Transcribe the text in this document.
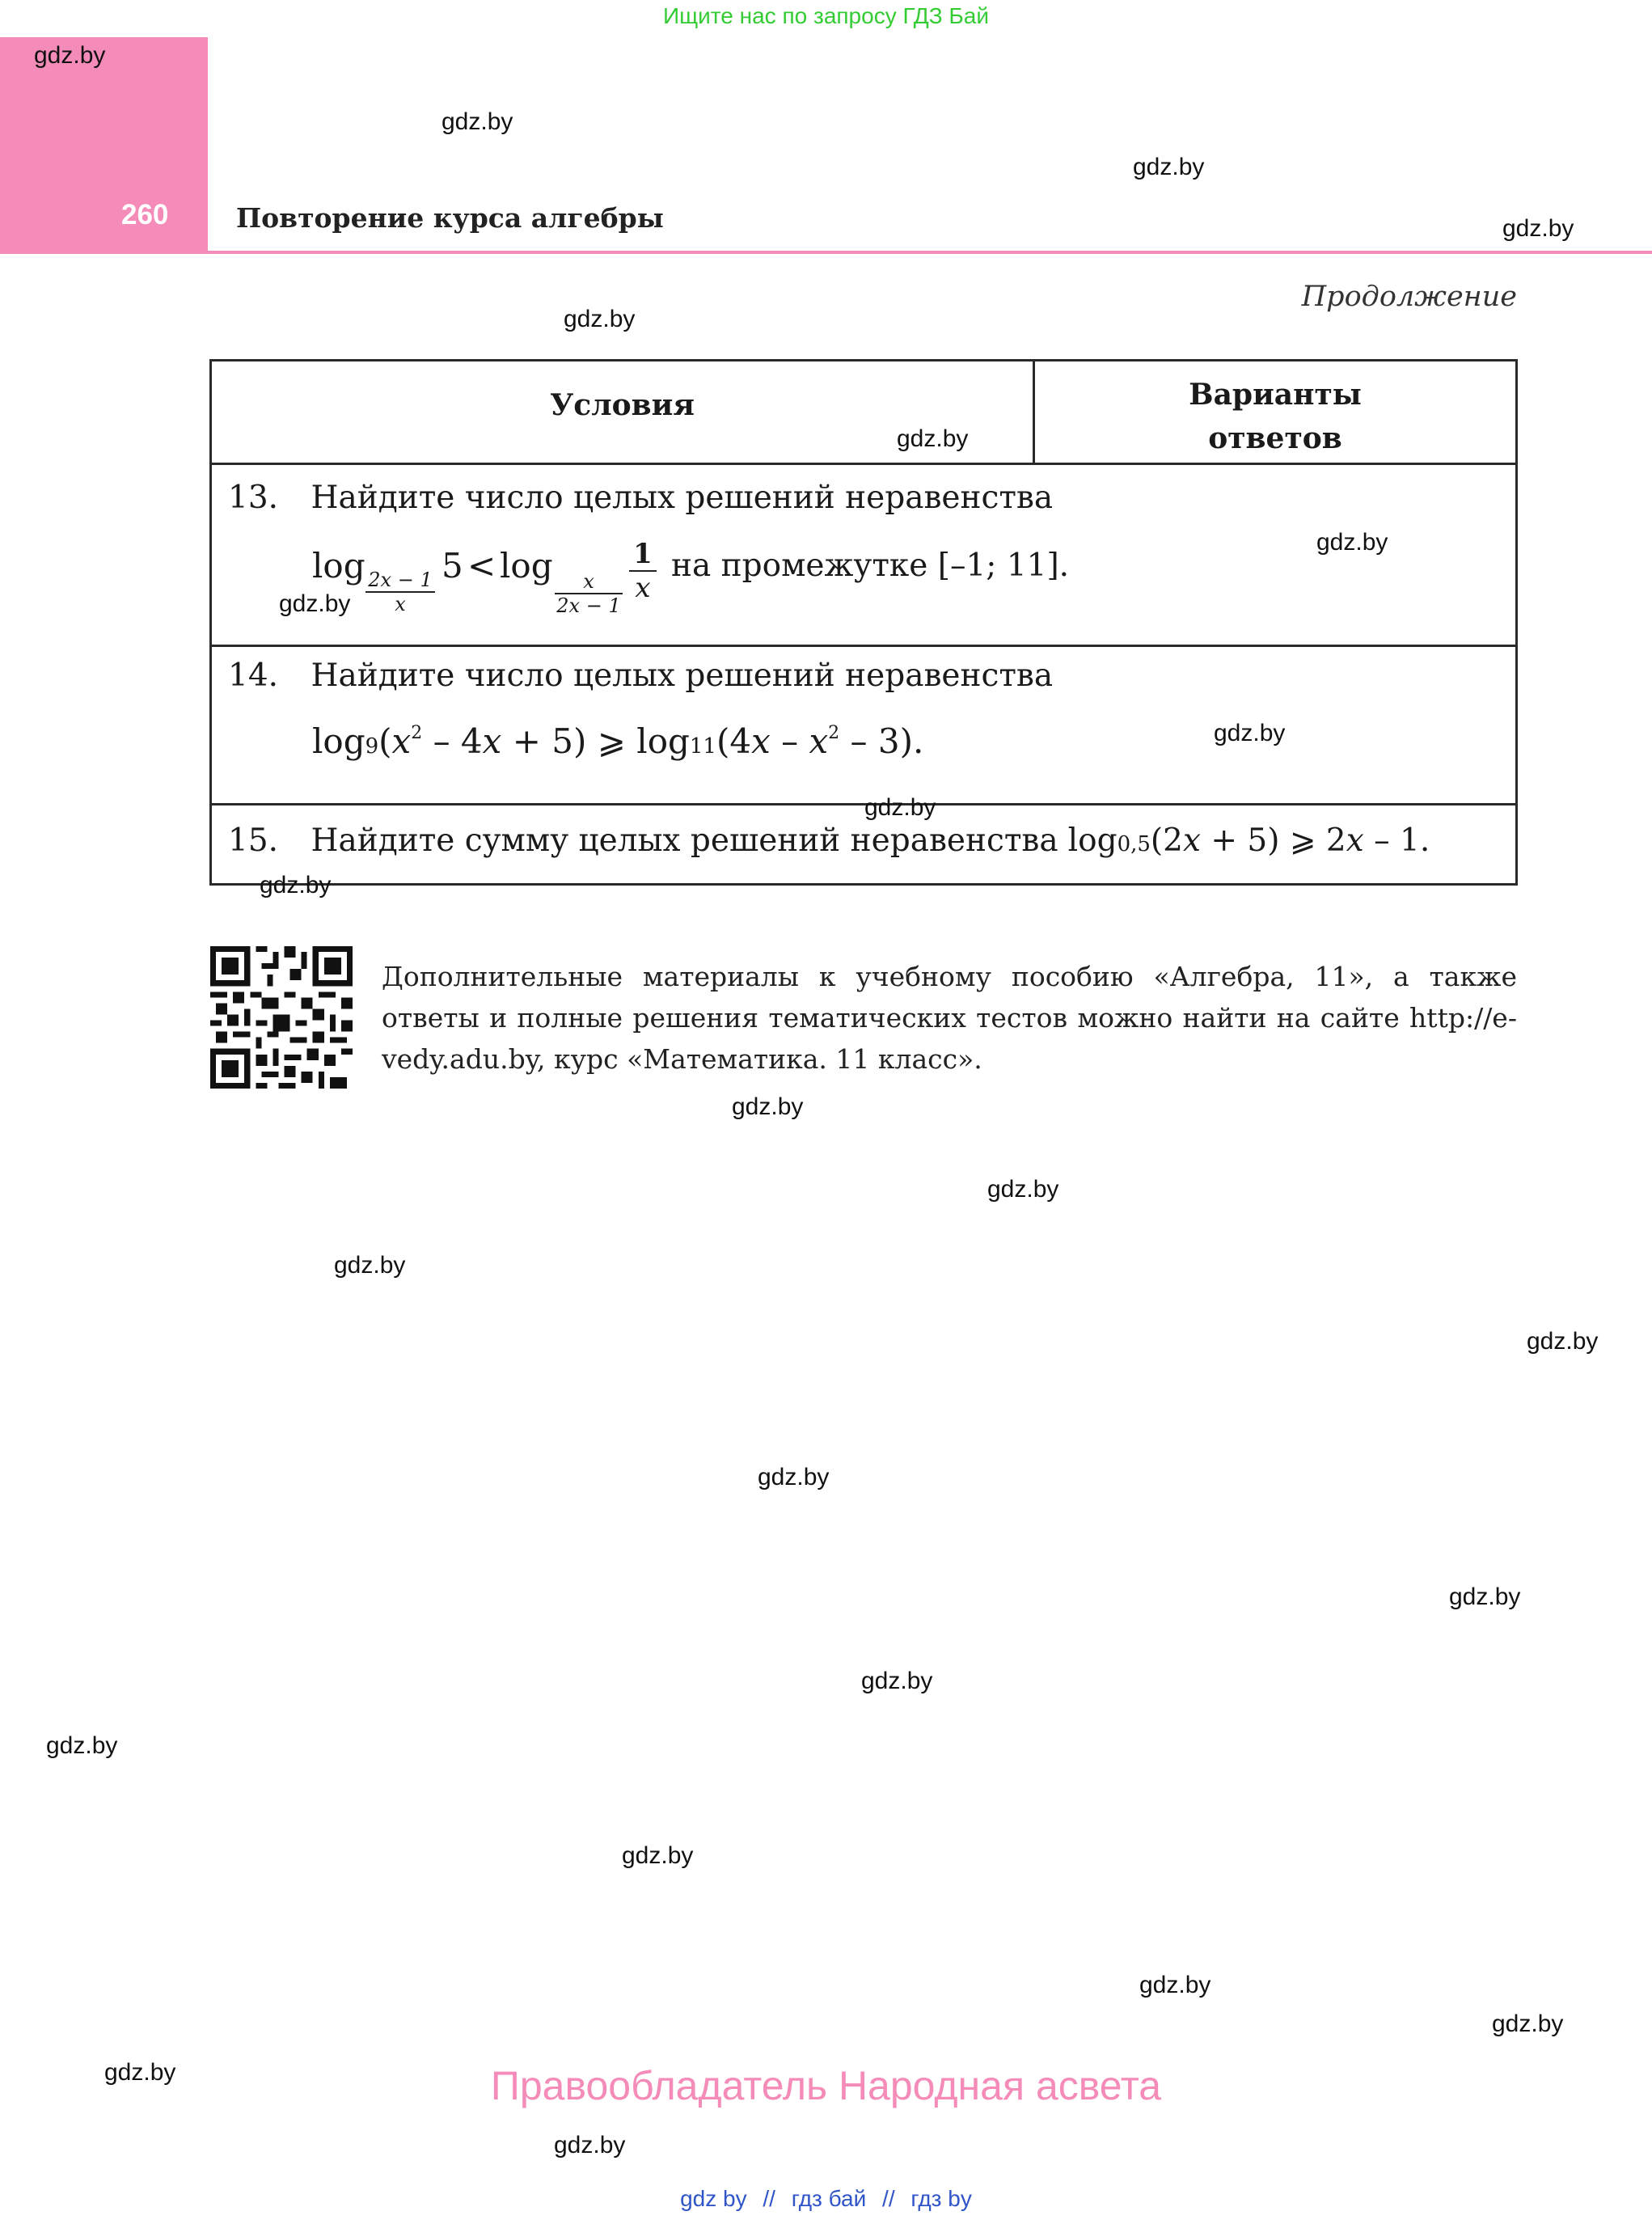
Ищите нас по запросу ГДЗ Бай
260	Повторение курса алгебры
Продолжение
Условия	Варианты
ответов
13. Найдите число целых решений неравенства
log 2x − 1
x
5 < log	x
2x − 1
1
x
на промежутке [–1; 11].
14. Найдите число целых решений неравенства
$\log 9(x^2 - 4x + 5)$ ⩾ $\log 11(4x - x^2 - 3)$.
15. Найдите сумму целых решений неравенства log0,5(2x + 5) ⩾ 2x – 1.
Дополнительные материалы к учебному пособию «Алгебра, 11», а также ответы и полные решения тематических тестов можно найти на сайте http://e-vedy.adu.by, курс «Математика. 11 класс».
Правообладатель Народная асвета
gdz by // гдз бай // гдз by
gdz.by
gdz.by
gdz.by
gdz.by
gdz.by
gdz.by
gdz.by
gdz.by
gdz.by
gdz.by
gdz.by
gdz.by
gdz.by
gdz.by
gdz.by
gdz.by
gdz.by
gdz.by
gdz.by
gdz.by
gdz.by
gdz.by
gdz.by
gdz.by
